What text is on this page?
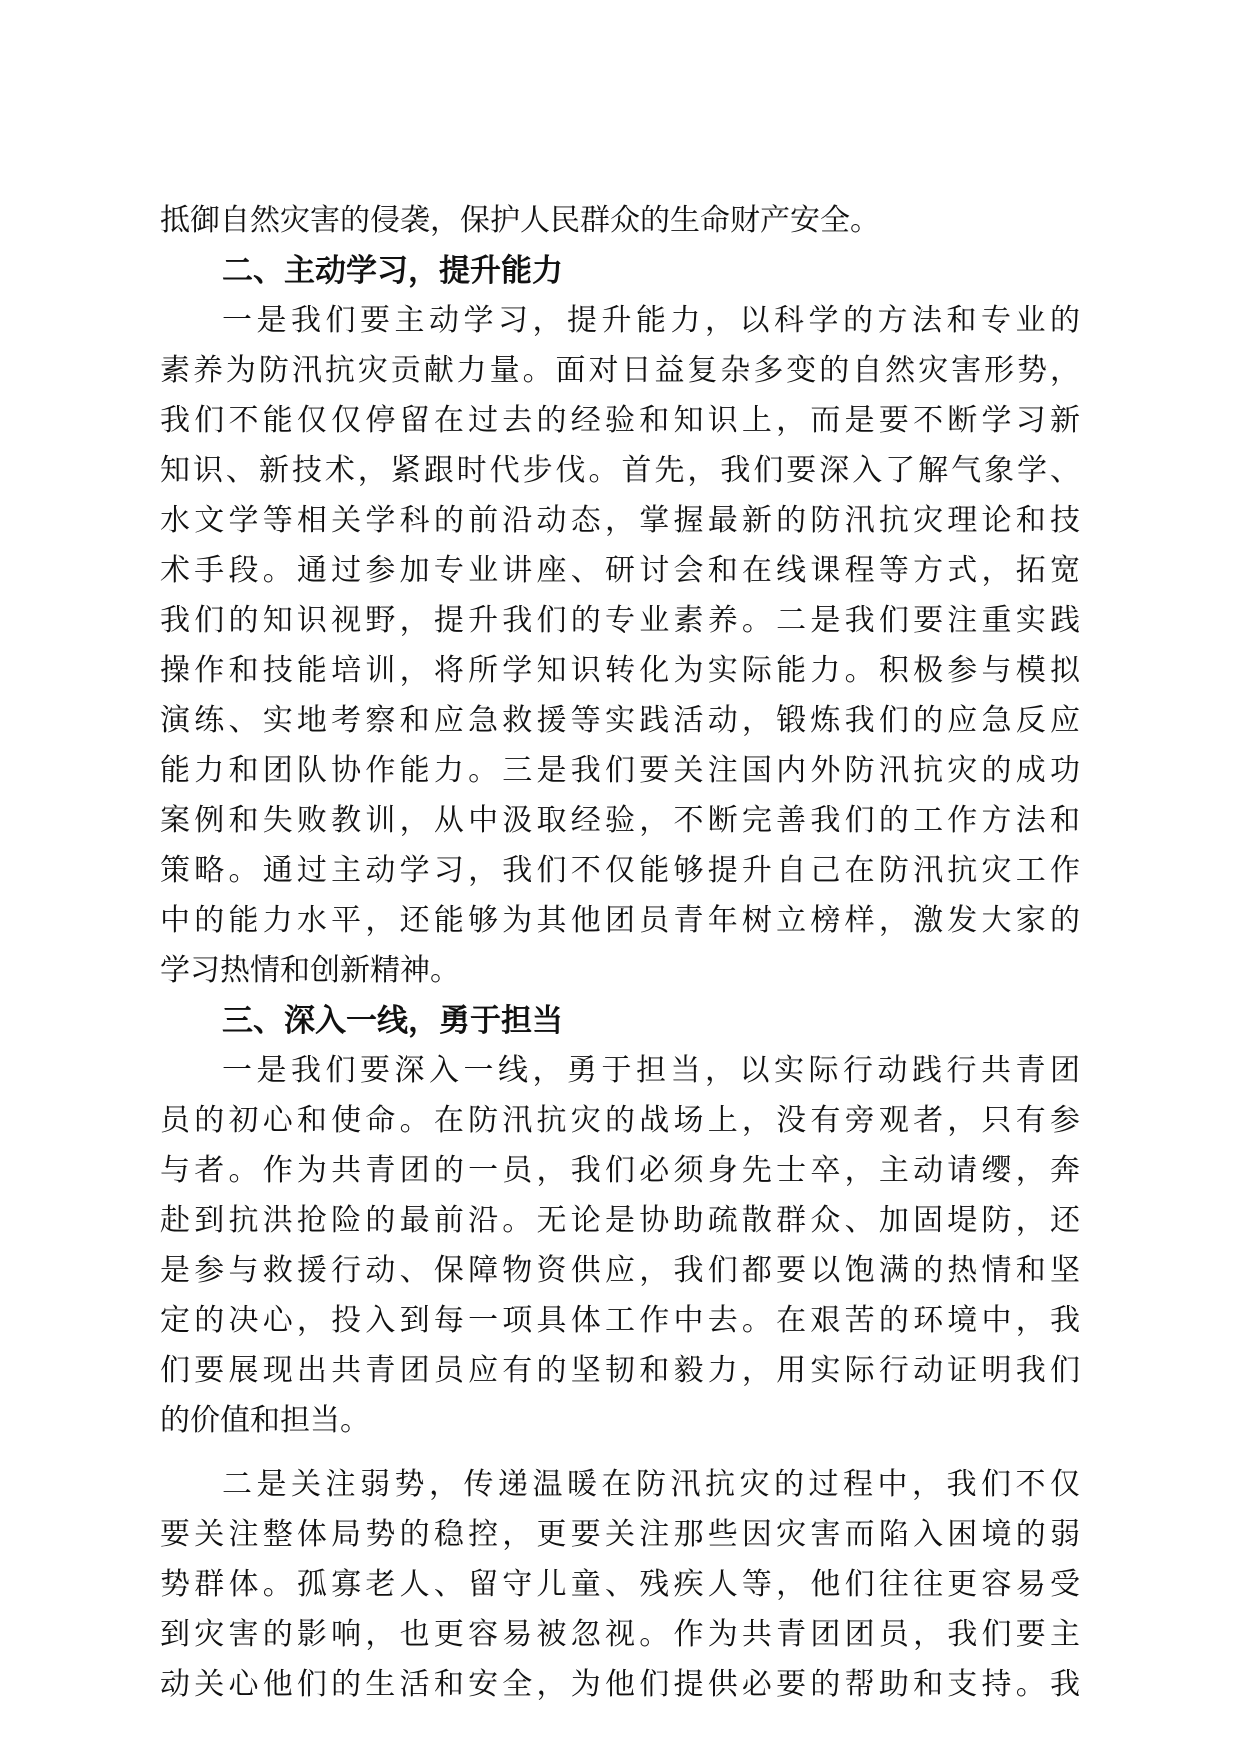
抵御自然灾害的侵袭，保护人民群众的生命财产安全。
二、主动学习，提升能力
一是我们要主动学习，提升能力，以科学的方法和专业的
素养为防汛抗灾贡献力量。面对日益复杂多变的自然灾害形势，
我们不能仅仅停留在过去的经验和知识上，而是要不断学习新
知识、新技术，紧跟时代步伐。首先，我们要深入了解气象学、
水文学等相关学科的前沿动态，掌握最新的防汛抗灾理论和技
术手段。通过参加专业讲座、研讨会和在线课程等方式，拓宽
我们的知识视野，提升我们的专业素养。二是我们要注重实践
操作和技能培训，将所学知识转化为实际能力。积极参与模拟
演练、实地考察和应急救援等实践活动，锻炼我们的应急反应
能力和团队协作能力。三是我们要关注国内外防汛抗灾的成功
案例和失败教训，从中汲取经验，不断完善我们的工作方法和
策略。通过主动学习，我们不仅能够提升自己在防汛抗灾工作
中的能力水平，还能够为其他团员青年树立榜样，激发大家的
学习热情和创新精神。
三、深入一线，勇于担当
一是我们要深入一线，勇于担当，以实际行动践行共青团
员的初心和使命。在防汛抗灾的战场上，没有旁观者，只有参
与者。作为共青团的一员，我们必须身先士卒，主动请缨，奔
赴到抗洪抢险的最前沿。无论是协助疏散群众、加固堤防，还
是参与救援行动、保障物资供应，我们都要以饱满的热情和坚
定的决心，投入到每一项具体工作中去。在艰苦的环境中，我
们要展现出共青团员应有的坚韧和毅力，用实际行动证明我们
的价值和担当。
二是关注弱势，传递温暖在防汛抗灾的过程中，我们不仅
要关注整体局势的稳控，更要关注那些因灾害而陷入困境的弱
势群体。孤寡老人、留守儿童、残疾人等，他们往往更容易受
到灾害的影响，也更容易被忽视。作为共青团团员，我们要主
动关心他们的生活和安全，为他们提供必要的帮助和支持。我
